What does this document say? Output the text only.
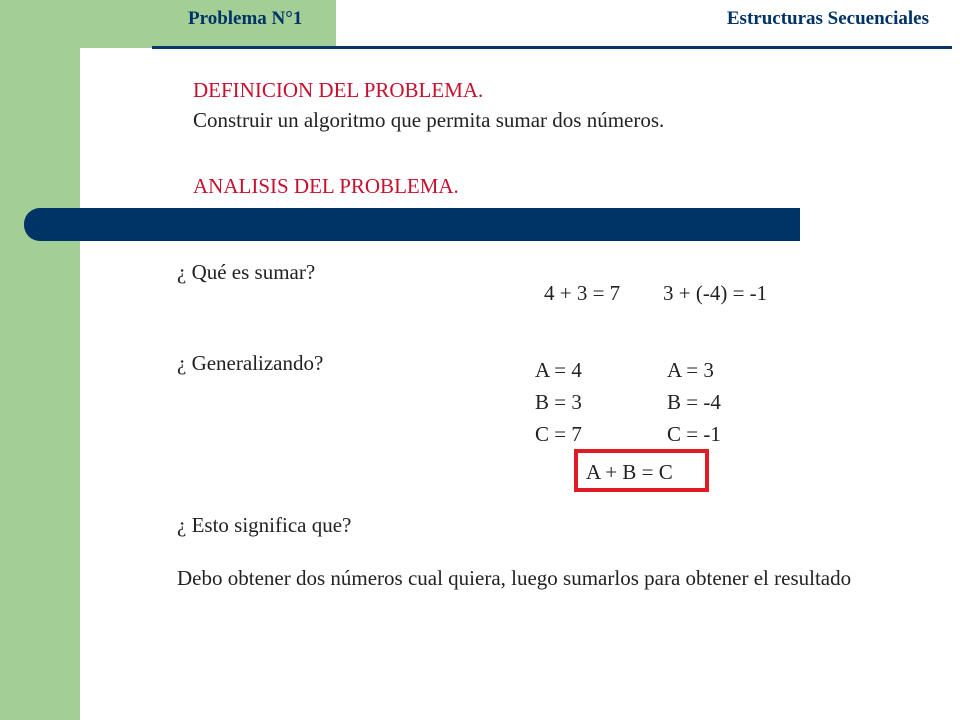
Problema N°1	Estructuras Secuenciales
DEFINICION DEL PROBLEMA.
Construir un algoritmo que permita sumar dos números.
ANALISIS DEL PROBLEMA.
¿ Qué es sumar?
4 + 3 = 7 3 + (-4) = -1
¿ Generalizando?	A = 4
B = 3
C = 7
A = 3
B = -4
C = -1
A + B = C
¿ Esto significa que?

Debo obtener dos números cual quiera, luego sumarlos para obtener el resultado
